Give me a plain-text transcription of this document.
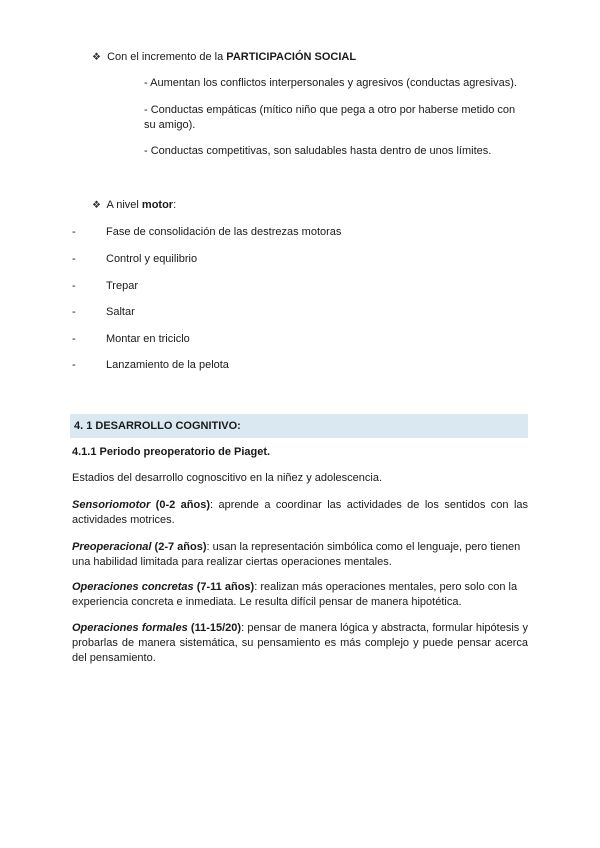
❖ Con el incremento de la PARTICIPACIÓN SOCIAL
- Aumentan los conflictos interpersonales y agresivos (conductas agresivas).
- Conductas empáticas (mítico niño que pega a otro por haberse metido con su amigo).
- Conductas competitivas, son saludables hasta dentro de unos límites.
❖ A nivel motor:
-	Fase de consolidación de las destrezas motoras
-	Control y equilibrio
-	Trepar
-	Saltar
-	Montar en triciclo
-	Lanzamiento de la pelota
4. 1 DESARROLLO COGNITIVO:
4.1.1 Periodo preoperatorio de Piaget.
Estadios del desarrollo cognoscitivo en la niñez y adolescencia.
Sensoriomotor (0-2 años): aprende a coordinar las actividades de los sentidos con las actividades motrices.
Preoperacional (2-7 años): usan la representación simbólica como el lenguaje, pero tienen una habilidad limitada para realizar ciertas operaciones mentales.
Operaciones concretas (7-11 años): realizan más operaciones mentales, pero solo con la experiencia concreta e inmediata. Le resulta difícil pensar de manera hipotética.
Operaciones formales (11-15/20): pensar de manera lógica y abstracta, formular hipótesis y probarlas de manera sistemática, su pensamiento es más complejo y puede pensar acerca del pensamiento.
